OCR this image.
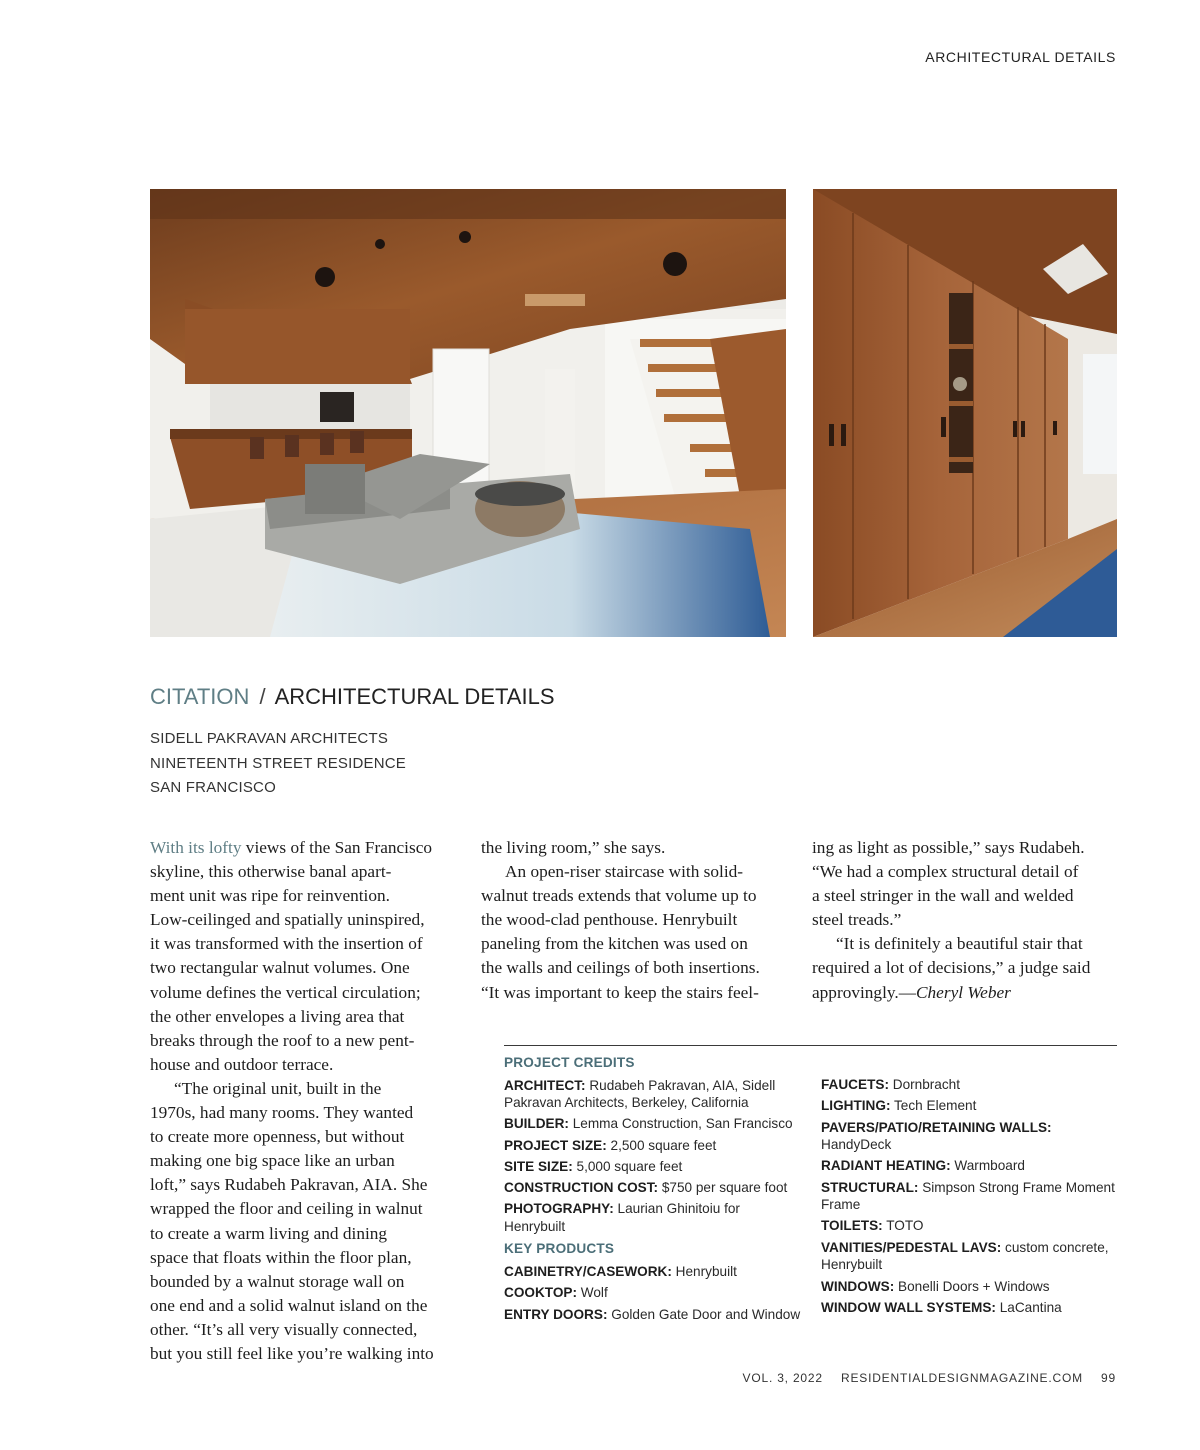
ARCHITECTURAL DETAILS
CITATION / ARCHITECTURAL DETAILS
SIDELL PAKRAVAN ARCHITECTS
NINETEENTH STREET RESIDENCE
SAN FRANCISCO
With its lofty views of the San Francisco
skyline, this otherwise banal apart-
ment unit was ripe for reinvention.
Low-ceilinged and spatially uninspired,
it was transformed with the insertion of
two rectangular walnut volumes. One
volume defines the vertical circulation;
the other envelopes a living area that
breaks through the roof to a new pent-
house and outdoor terrace.
“The original unit, built in the
1970s, had many rooms. They wanted
to create more openness, but without
making one big space like an urban
loft,” says Rudabeh Pakravan, AIA. She
wrapped the floor and ceiling in walnut
to create a warm living and dining
space that floats within the floor plan,
bounded by a walnut storage wall on
one end and a solid walnut island on the
other. “It’s all very visually connected,
but you still feel like you’re walking into
the living room,” she says.
An open-riser staircase with solid-
walnut treads extends that volume up to
the wood-clad penthouse. Henrybuilt
paneling from the kitchen was used on
the walls and ceilings of both insertions.
“It was important to keep the stairs feel-
ing as light as possible,” says Rudabeh.
“We had a complex structural detail of
a steel stringer in the wall and welded
steel treads.”
“It is definitely a beautiful stair that
required a lot of decisions,” a judge said
approvingly.—Cheryl Weber
PROJECT CREDITS
ARCHITECT: Rudabeh Pakravan, AIA, Sidell Pakravan Architects, Berkeley, California
BUILDER: Lemma Construction, San Francisco
PROJECT SIZE: 2,500 square feet
SITE SIZE: 5,000 square feet
CONSTRUCTION COST: $750 per square foot
PHOTOGRAPHY: Laurian Ghinitoiu for Henrybuilt
KEY PRODUCTS
CABINETRY/CASEWORK: Henrybuilt
COOKTOP: Wolf
ENTRY DOORS: Golden Gate Door and Window
FAUCETS: Dornbracht
LIGHTING: Tech Element
PAVERS/PATIO/RETAINING WALLS: HandyDeck
RADIANT HEATING: Warmboard
STRUCTURAL: Simpson Strong Frame Moment Frame
TOILETS: TOTO
VANITIES/PEDESTAL LAVS: custom concrete, Henrybuilt
WINDOWS: Bonelli Doors + Windows
WINDOW WALL SYSTEMS: LaCantina
VOL. 3, 2022 RESIDENTIALDESIGNMAGAZINE.COM 99
